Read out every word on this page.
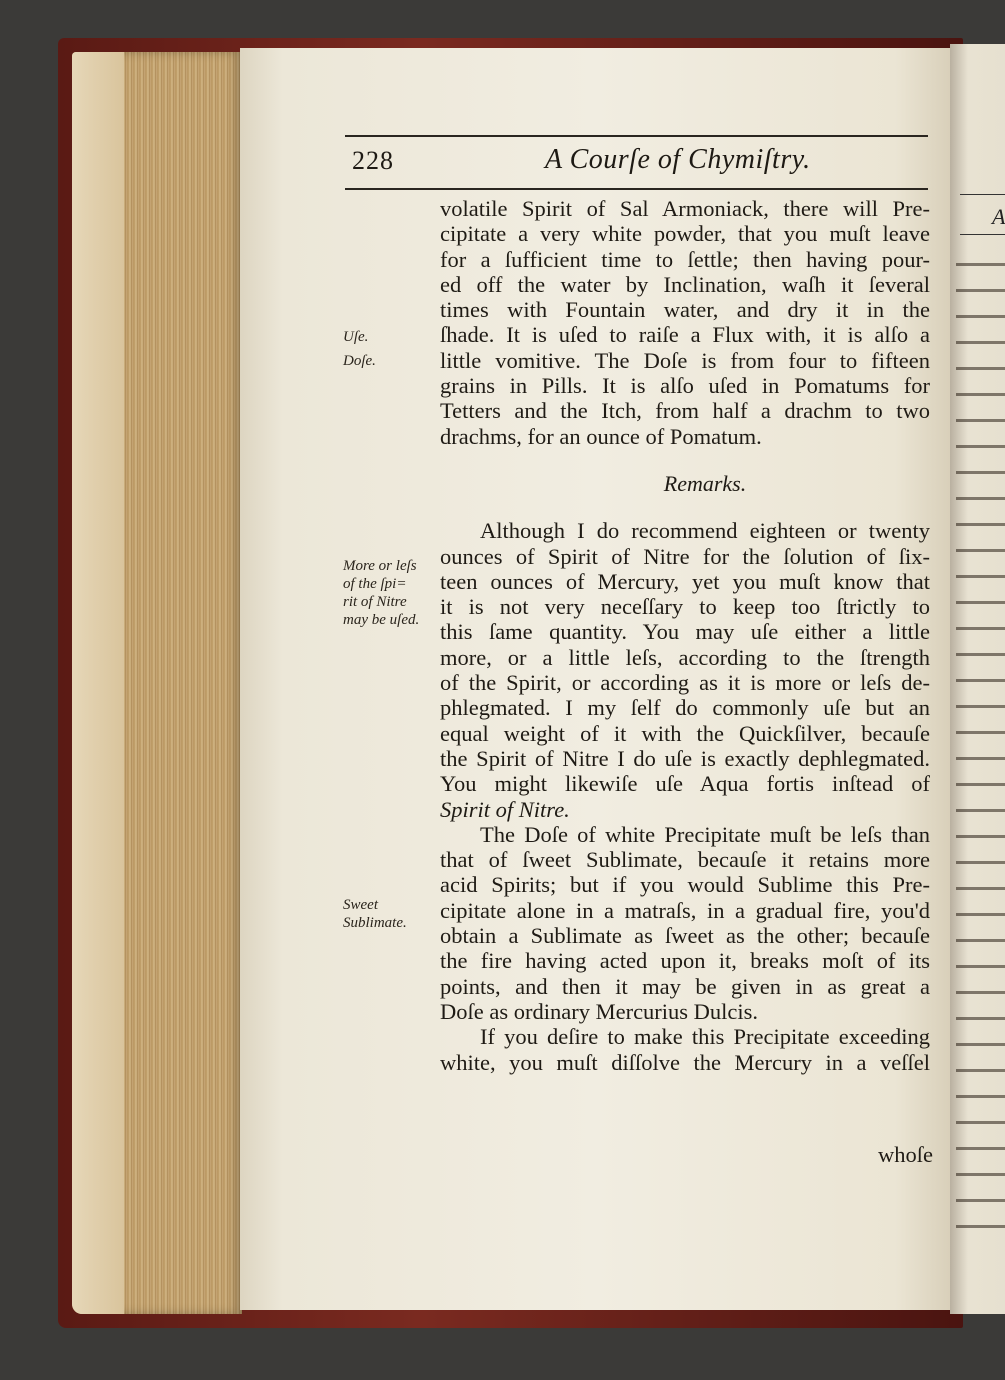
A
228	A Courſe of Chymiſtry.
Uſe.
Doſe.
More or leſs
of the ſpi=
rit of Nitre
may be uſed.
Sweet
Sublimate.
volatile Spirit of Sal Armoniack, there will Pre-
cipitate a very white powder, that you muſt leave
for a ſufficient time to ſettle; then having pour-
ed off the water by Inclination, waſh it ſeveral
times with Fountain water, and dry it in the
ſhade. It is uſed to raiſe a Flux with, it is alſo a
little vomitive. The Doſe is from four to fifteen
grains in Pills. It is alſo uſed in Pomatums for
Tetters and the Itch, from half a drachm to two
drachms, for an ounce of Pomatum.
Remarks.
Although I do recommend eighteen or twenty
ounces of Spirit of Nitre for the ſolution of ſix-
teen ounces of Mercury, yet you muſt know that
it is not very neceſſary to keep too ſtrictly to
this ſame quantity. You may uſe either a little
more, or a little leſs, according to the ſtrength
of the Spirit, or according as it is more or leſs de-
phlegmated. I my ſelf do commonly uſe but an
equal weight of it with the Quickſilver, becauſe
the Spirit of Nitre I do uſe is exactly dephlegmated.
You might likewiſe uſe Aqua fortis inſtead of
Spirit of Nitre.
The Doſe of white Precipitate muſt be leſs than
that of ſweet Sublimate, becauſe it retains more
acid Spirits; but if you would Sublime this Pre-
cipitate alone in a matraſs, in a gradual fire, you'd
obtain a Sublimate as ſweet as the other; becauſe
the fire having acted upon it, breaks moſt of its
points, and then it may be given in as great a
Doſe as ordinary Mercurius Dulcis.
If you deſire to make this Precipitate exceeding
white, you muſt diſſolve the Mercury in a veſſel
whoſe
